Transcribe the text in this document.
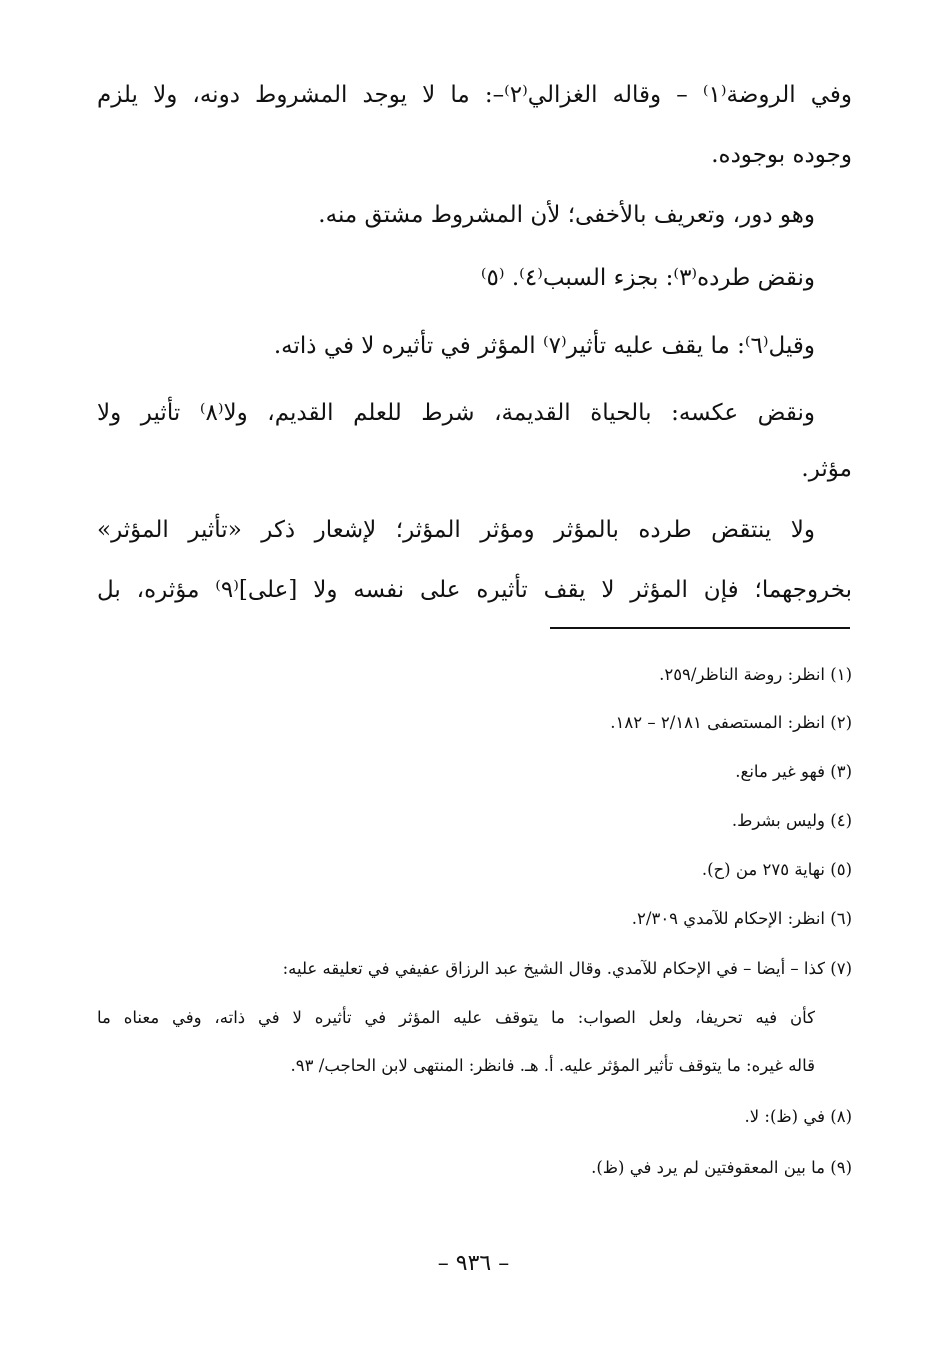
وفي الروضة⁽١⁾ – وقاله الغزالي⁽٢⁾–: ما لا يوجد المشروط دونه، ولا يلزم
وجوده بوجوده.
وهو دور، وتعريف بالأخفى؛ لأن المشروط مشتق منه.
ونقض طرده⁽٣⁾: بجزء السبب⁽٤⁾. ⁽٥⁾
وقيل⁽٦⁾: ما يقف عليه تأثير⁽٧⁾ المؤثر في تأثيره لا في ذاته.
ونقض عكسه: بالحياة القديمة، شرط للعلم القديم، ولا⁽٨⁾ تأثير ولا
مؤثر.
ولا ينتقض طرده بالمؤثر ومؤثر المؤثر؛ لإشعار ذكر «تأثير المؤثر»
بخروجهما؛ فإن المؤثر لا يقف تأثيره على نفسه ولا [على]⁽٩⁾ مؤثره، بل
(١) انظر: روضة الناظر/٢٥٩.
(٢) انظر: المستصفى ٢/١٨١ – ١٨٢.
(٣) فهو غير مانع.
(٤) وليس بشرط.
(٥) نهاية ٢٧٥ من (ح).
(٦) انظر: الإحكام للآمدي ٢/٣٠٩.
(٧) كذا – أيضا – في الإحكام للآمدي. وقال الشيخ عبد الرزاق عفيفي في تعليقه عليه:
كأن فيه تحريفا، ولعل الصواب: ما يتوقف عليه المؤثر في تأثيره لا في ذاته، وفي معناه ما
قاله غيره: ما يتوقف تأثير المؤثر عليه. أ. هـ. فانظر: المنتهى لابن الحاجب/ ٩٣.
(٨) في (ظ): لا.
(٩) ما بين المعقوفتين لم يرد في (ظ).
– ٩٣٦ –
